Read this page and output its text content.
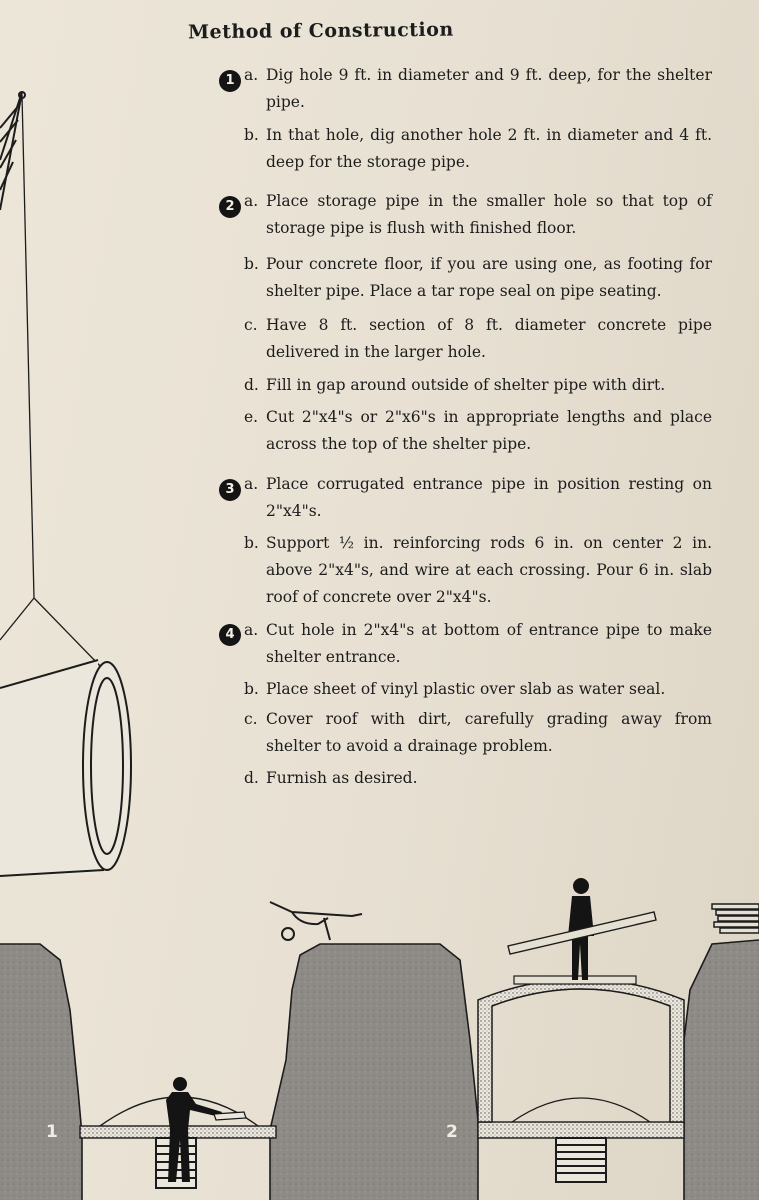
Method of Construction
1
2
3
4
a. Dig hole 9 ft. in diameter and 9 ft. deep, for the shelter pipe.
b. In that hole, dig another hole 2 ft. in diameter and 4 ft. deep for the storage pipe.
a. Place storage pipe in the smaller hole so that top of storage pipe is flush with finished floor.
b. Pour concrete floor, if you are using one, as footing for shelter pipe. Place a tar rope seal on pipe seating.
c. Have 8 ft. section of 8 ft. diameter concrete pipe delivered in the larger hole.
d. Fill in gap around outside of shelter pipe with dirt.
e. Cut 2"x4"s or 2"x6"s in appropriate lengths and place across the top of the shelter pipe.
a. Place corrugated entrance pipe in position resting on 2"x4"s.
b. Support ½ in. reinforcing rods 6 in. on center 2 in. above 2"x4"s, and wire at each crossing. Pour 6 in. slab roof of concrete over 2"x4"s.
a. Cut hole in 2"x4"s at bottom of entrance pipe to make shelter entrance.
b. Place sheet of vinyl plastic over slab as water seal.
c. Cover roof with dirt, carefully grading away from shelter to avoid a drainage problem.
d. Furnish as desired.
1	2
